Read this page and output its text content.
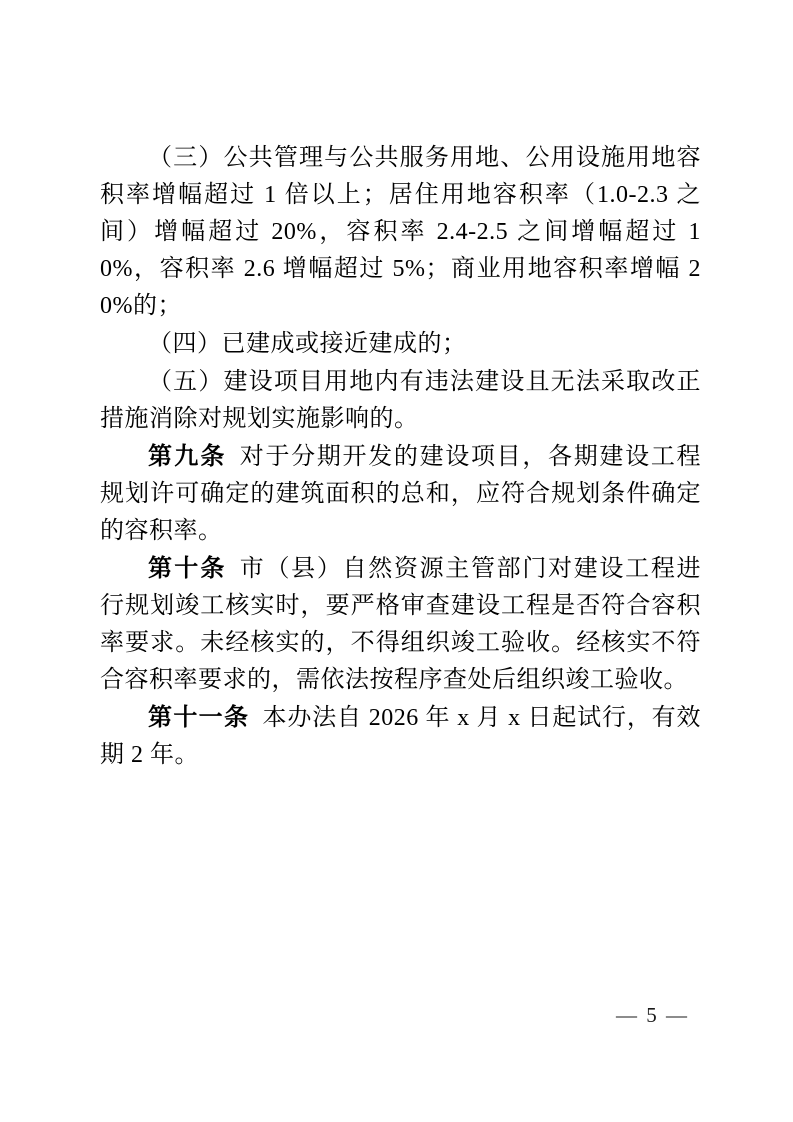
（三）公共管理与公共服务用地、公用设施用地容积率增幅超过 1 倍以上；居住用地容积率（1.0-2.3 之间）增幅超过 20%，容积率 2.4-2.5 之间增幅超过 10%，容积率 2.6 增幅超过 5%；商业用地容积率增幅 20%的；

（四）已建成或接近建成的；

（五）建设项目用地内有违法建设且无法采取改正措施消除对规划实施影响的。

第九条 对于分期开发的建设项目，各期建设工程规划许可确定的建筑面积的总和，应符合规划条件确定的容积率。

第十条 市（县）自然资源主管部门对建设工程进行规划竣工核实时，要严格审查建设工程是否符合容积率要求。未经核实的，不得组织竣工验收。经核实不符合容积率要求的，需依法按程序查处后组织竣工验收。

第十一条 本办法自 2026 年 x 月 x 日起试行，有效期 2 年。

— 5 —
